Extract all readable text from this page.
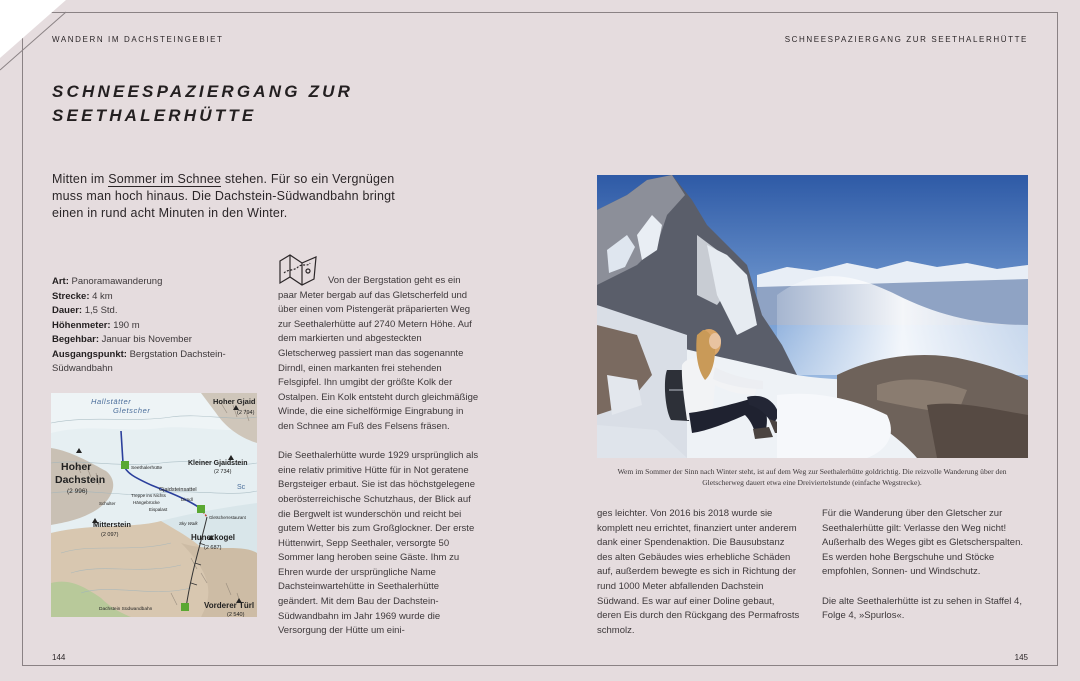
WANDERN IM DACHSTEINGEBIET	SCHNEESPAZIERGANG ZUR SEETHALERHÜTTE
SCHNEESPAZIERGANG ZUR
SEETHALERHÜTTE
Mitten im Sommer im Schnee stehen. Für so ein Vergnügen muss man hoch hinaus. Die Dachstein-Südwandbahn bringt einen in rund acht Minuten in den Winter.
Art: Panoramawanderung
Strecke: 4 km
Dauer: 1,5 Std.
Höhenmeter: 190 m
Begehbar: Januar bis November
Ausgangspunkt: Bergstation Dachstein-Südwandbahn
Hallstätter
Gletscher
Hoher Gjaid
(2 794)
Kleiner Gjaidstein
(2 734)
Hoher
Dachstein
(2 996)
Seethalerhütte
Gjaidsteinsattel	Sc
Schulter
Treppe ins Nichts
Hängebrücke
Eispalast
Dirndl
Gletscherrestaurant
Sky Walk
Mitterstein
(2 097)	Hunerkogel
(2 687)
Dachstein Südwandbahn	Vorderer Türl
(2 540)

Von der Bergstation geht es ein paar Meter bergab auf das Gletscherfeld und über einen vom Pistengerät präparierten Weg zur Seethalerhütte auf 2740 Metern Höhe. Auf dem markierten und abgesteckten Gletscherweg passiert man das sogenannte Dirndl, einen markanten frei stehenden Felsgipfel. Ihn umgibt der größte Kolk der Ostalpen. Ein Kolk entsteht durch gleichmäßige Winde, die eine sichelförmige Eingrabung in den Schnee am Fuß des Felsens fräsen.

Die Seethalerhütte wurde 1929 ursprünglich als eine relativ primitive Hütte für in Not geratene Bergsteiger erbaut. Sie ist das höchstgelegene oberösterreichische Schutzhaus, der Blick auf die Bergwelt ist wunderschön und reicht bei gutem Wetter bis zum Großglockner. Der erste Hüttenwirt, Sepp Seethaler, versorgte 50 Sommer lang heroben seine Gäste. Ihm zu Ehren wurde der ursprüngliche Name Dachsteinwartehütte in Seethalerhütte geändert. Mit dem Bau der Dachstein-Südwandbahn im Jahr 1969 wurde die Versorgung der Hütte um eini-

Wem im Sommer der Sinn nach Winter steht, ist auf dem Weg zur Seethalerhütte goldrichtig. Die reizvolle Wanderung über den Gletscherweg dauert etwa eine Dreiviertelstunde (einfache Wegstrecke).

ges leichter. Von 2016 bis 2018 wurde sie komplett neu errichtet, finanziert unter anderem dank einer Spendenaktion. Die Bausubstanz des alten Gebäudes wies erhebliche Schäden auf, außerdem bewegte es sich in Richtung der rund 1000 Meter abfallenden Dachstein Südwand. Es war auf einer Doline gebaut, deren Eis durch den Rückgang des Permafrosts schmolz.

Für die Wanderung über den Gletscher zur Seethalerhütte gilt: Verlasse den Weg nicht! Außerhalb des Weges gibt es Gletscherspalten. Es werden hohe Bergschuhe und Stöcke empfohlen, Sonnen- und Windschutz.

Die alte Seethalerhütte ist zu sehen in Staffel 4, Folge 4, »Spurlos«.

144	145
